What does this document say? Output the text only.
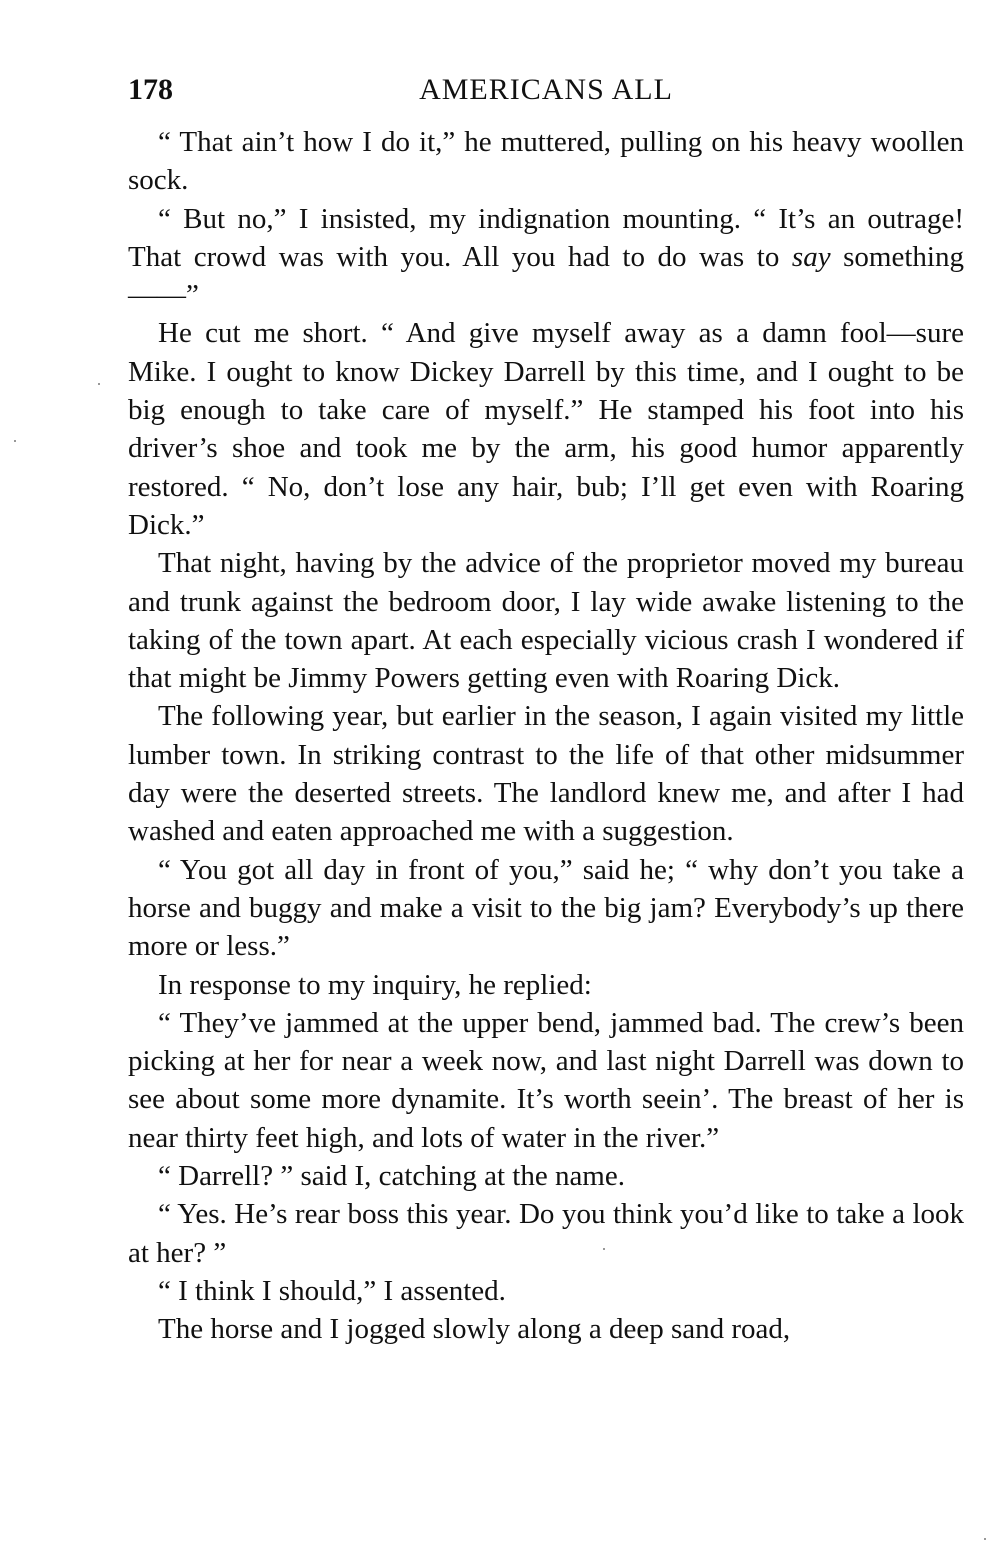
178	AMERICANS ALL

“ That ain’t how I do it,” he muttered, pulling on his heavy woollen sock.

“ But no,” I insisted, my indignation mounting. “ It’s an outrage! That crowd was with you. All you had to do was to say something——”

He cut me short. “ And give myself away as a damn fool—sure Mike. I ought to know Dickey Darrell by this time, and I ought to be big enough to take care of myself.” He stamped his foot into his driver’s shoe and took me by the arm, his good humor apparently restored. “ No, don’t lose any hair, bub; I’ll get even with Roaring Dick.”

That night, having by the advice of the proprietor moved my bureau and trunk against the bedroom door, I lay wide awake listening to the taking of the town apart. At each especially vicious crash I wondered if that might be Jimmy Powers getting even with Roaring Dick.

The following year, but earlier in the season, I again visited my little lumber town. In striking contrast to the life of that other midsummer day were the deserted streets. The landlord knew me, and after I had washed and eaten approached me with a suggestion.

“ You got all day in front of you,” said he; “ why don’t you take a horse and buggy and make a visit to the big jam? Everybody’s up there more or less.”

In response to my inquiry, he replied:

“ They’ve jammed at the upper bend, jammed bad. The crew’s been picking at her for near a week now, and last night Darrell was down to see about some more dynamite. It’s worth seein’. The breast of her is near thirty feet high, and lots of water in the river.”

“ Darrell? ” said I, catching at the name.

“ Yes. He’s rear boss this year. Do you think you’d like to take a look at her? ”

“ I think I should,” I assented.

The horse and I jogged slowly along a deep sand road,
